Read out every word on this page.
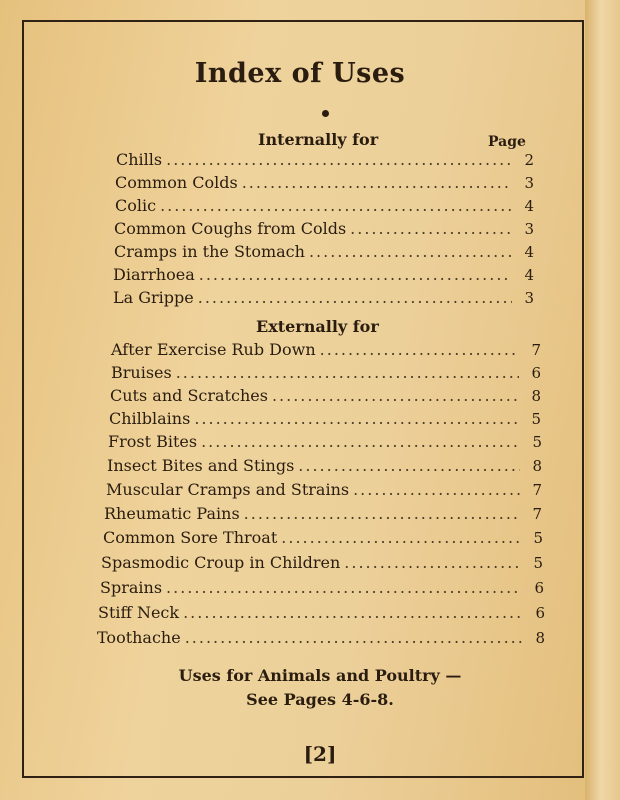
Index of Uses
Internally for	Page
Chills .....	2
Common Colds .....	3
Colic .....	4
Common Coughs from Colds .....	3
Cramps in the Stomach .....	4
Diarrhoea .....	4
La Grippe .....	3
Externally for
After Exercise Rub Down .....	7
Bruises .....	6
Cuts and Scratches .....	8
Chilblains .....	5
Frost Bites .....	5
Insect Bites and Stings .....	8
Muscular Cramps and Strains .....	7
Rheumatic Pains .....	7
Common Sore Throat .....	5
Spasmodic Croup in Children .....	5
Sprains .....	6
Stiff Neck .....	6
Toothache .....	8
Uses for Animals and Poultry —
See Pages 4-6-8.
[2]
